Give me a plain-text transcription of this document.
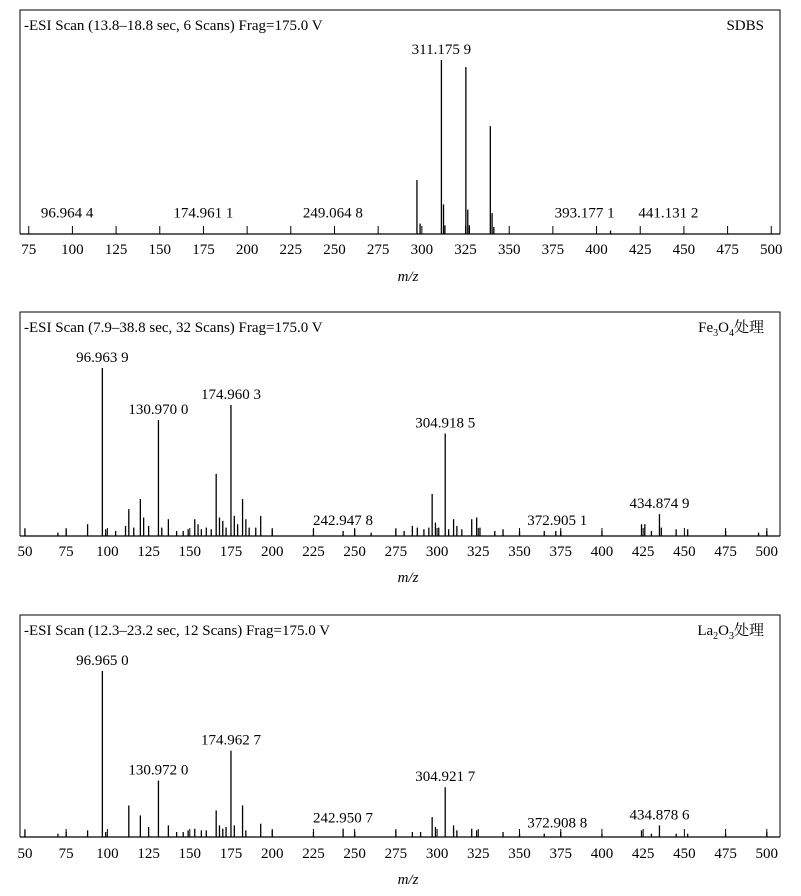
-ESI Scan (13.8–18.8 sec, 6 Scans) Frag=175.0 V	SDBS
75 100 125 150 175 200 225 250 275 300 325 350 375 400 425 450 475 500
m/z
96.964 4	174.961 1	249.064 8
311.175 9
393.177 1 441.131 2
-ESI Scan (7.9–38.8 sec, 32 Scans) Frag=175.0 V	$Fe_3O_4$处理
50 75 100 125 150 175 200 225 250 275 300 325 350 375 400 425 450 475 500
m/z
96.963 9
130.970 0
174.960 3
242.947 8
304.918 5
372.905 1
434.874 9
-ESI Scan (12.3–23.2 sec, 12 Scans) Frag=175.0 V	$La_2O_3$处理
50 75 100 125 150 175 200 225 250 275 300 325 350 375 400 425 450 475 500
m/z
96.965 0
130.972 0
174.962 7
242.950 7
304.921 7
372.908 8
434.878 6
